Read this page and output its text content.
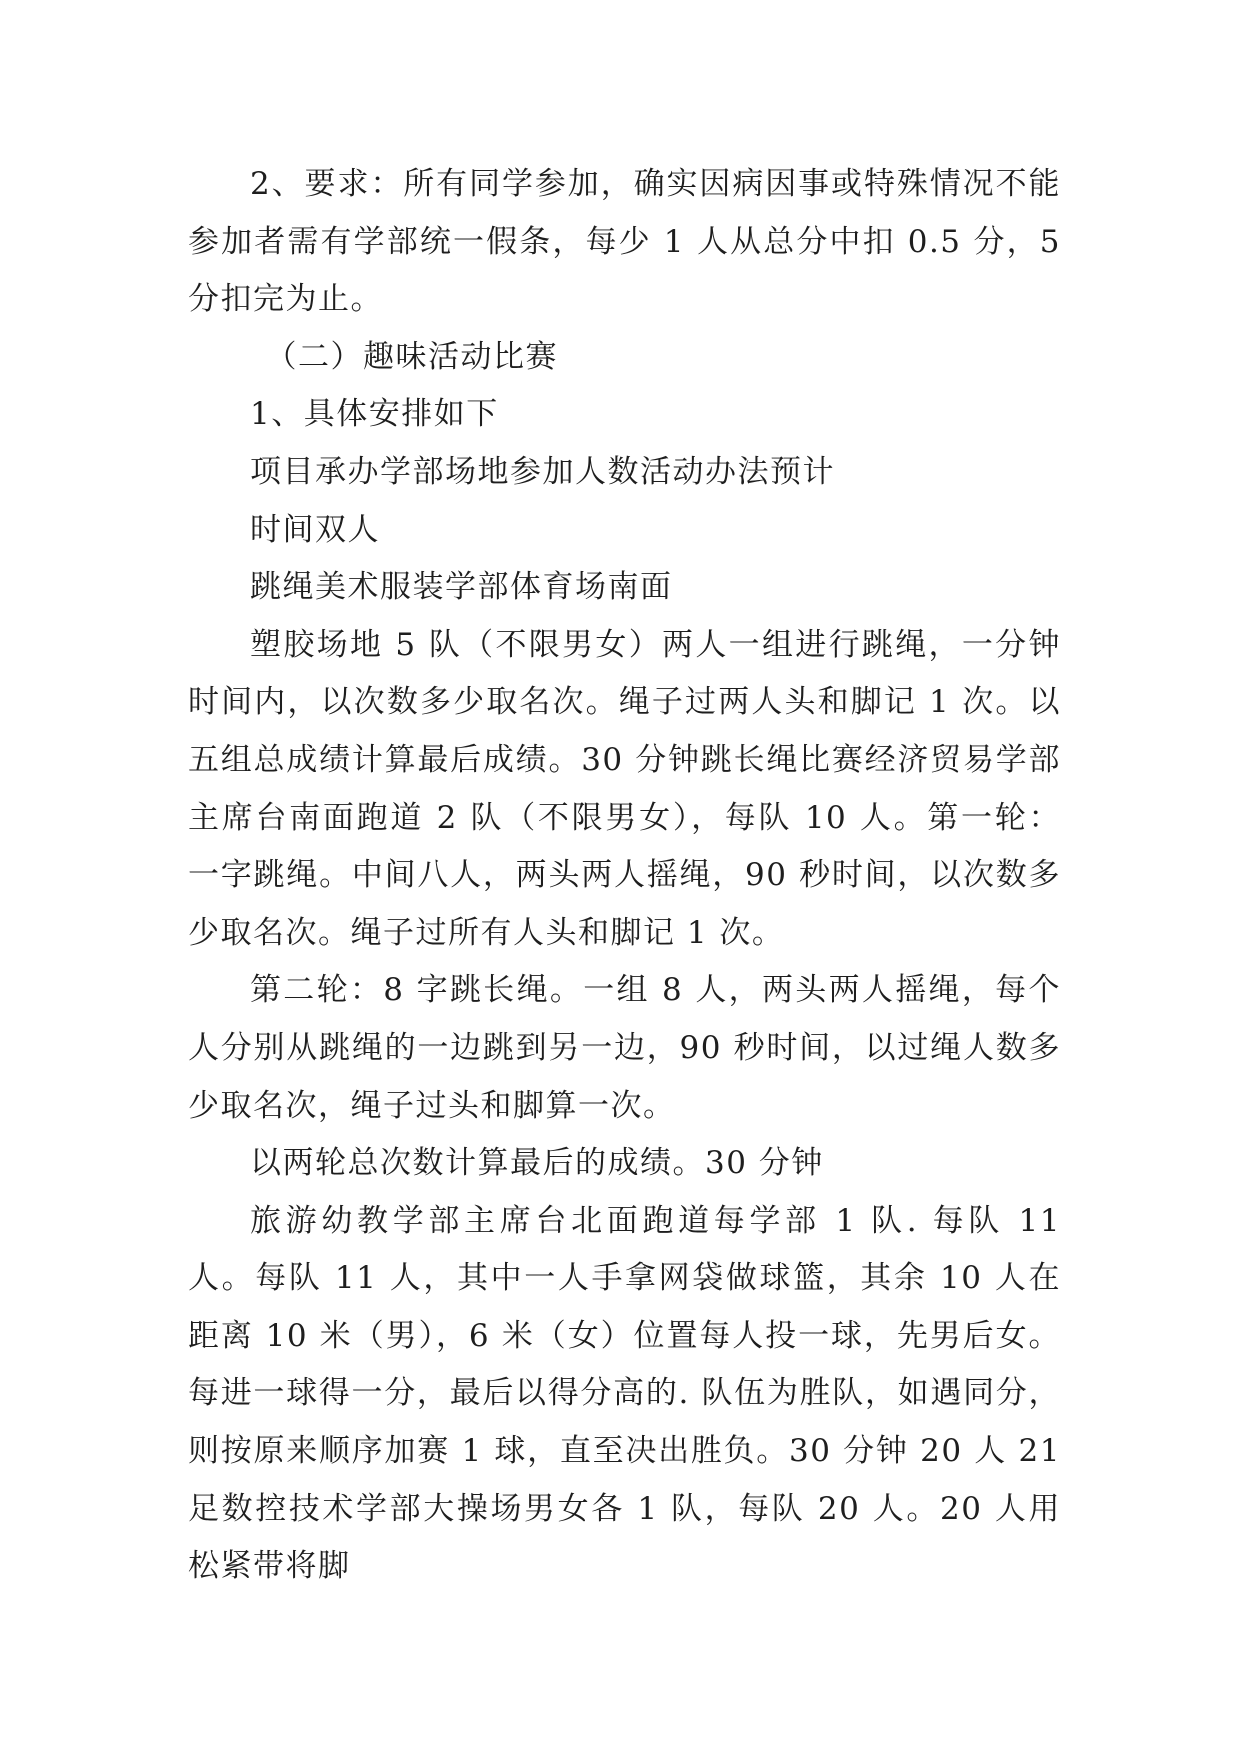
2、要求：所有同学参加，确实因病因事或特殊情况不能参加者需有学部统一假条，每少 1 人从总分中扣 0.5 分，5 分扣完为止。

（二）趣味活动比赛

1、具体安排如下

项目承办学部场地参加人数活动办法预计

时间双人

跳绳美术服装学部体育场南面

塑胶场地 5 队（不限男女）两人一组进行跳绳，一分钟时间内，以次数多少取名次。绳子过两人头和脚记 1 次。以五组总成绩计算最后成绩。30 分钟跳长绳比赛经济贸易学部主席台南面跑道 2 队（不限男女），每队 10 人。第一轮：一字跳绳。中间八人，两头两人摇绳，90 秒时间，以次数多少取名次。绳子过所有人头和脚记 1 次。

第二轮：8 字跳长绳。一组 8 人，两头两人摇绳，每个人分别从跳绳的一边跳到另一边，90 秒时间，以过绳人数多少取名次，绳子过头和脚算一次。

以两轮总次数计算最后的成绩。30 分钟

旅游幼教学部主席台北面跑道每学部 1 队. 每队 11 人。每队 11 人，其中一人手拿网袋做球篮，其余 10 人在距离 10 米（男），6 米（女）位置每人投一球，先男后女。每进一球得一分，最后以得分高的. 队伍为胜队，如遇同分，则按原来顺序加赛 1 球，直至决出胜负。30 分钟 20 人 21 足数控技术学部大操场男女各 1 队，每队 20 人。20 人用松紧带将脚
